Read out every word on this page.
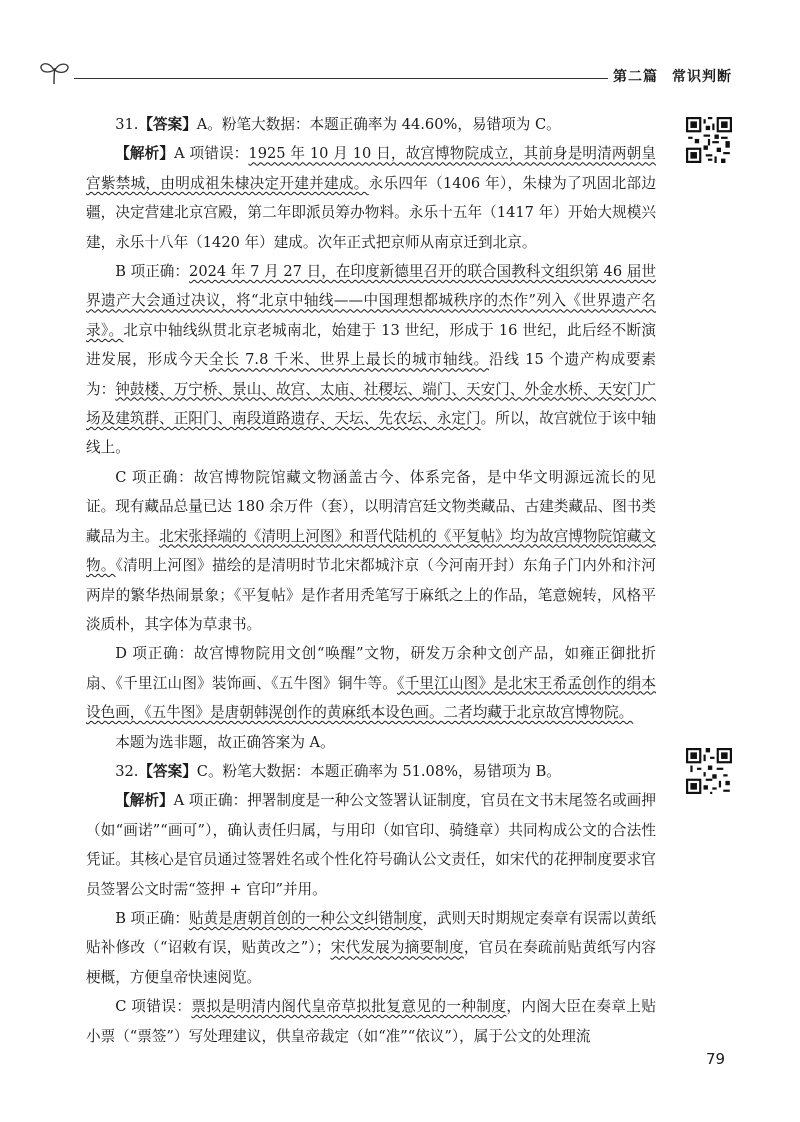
第二篇 常识判断

31.【答案】A。粉笔大数据：本题正确率为 44.60%，易错项为 C。

【解析】A 项错误：1925 年 10 月 10 日，故宫博物院成立，其前身是明清两朝皇宫紫禁城，由明成祖朱棣决定开建并建成。永乐四年（1406 年），朱棣为了巩固北部边疆，决定营建北京宫殿，第二年即派员筹办物料。永乐十五年（1417 年）开始大规模兴建，永乐十八年（1420 年）建成。次年正式把京师从南京迁到北京。

B 项正确：2024 年 7 月 27 日，在印度新德里召开的联合国教科文组织第 46 届世界遗产大会通过决议，将“北京中轴线——中国理想都城秩序的杰作”列入《世界遗产名录》。北京中轴线纵贯北京老城南北，始建于 13 世纪，形成于 16 世纪，此后经不断演进发展，形成今天全长 7.8 千米、世界上最长的城市轴线。沿线 15 个遗产构成要素为：钟鼓楼、万宁桥、景山、故宫、太庙、社稷坛、端门、天安门、外金水桥、天安门广场及建筑群、正阳门、南段道路遗存、天坛、先农坛、永定门。所以，故宫就位于该中轴线上。

C 项正确：故宫博物院馆藏文物涵盖古今、体系完备，是中华文明源远流长的见证。现有藏品总量已达 180 余万件（套），以明清宫廷文物类藏品、古建类藏品、图书类藏品为主。北宋张择端的《清明上河图》和晋代陆机的《平复帖》均为故宫博物院馆藏文物。《清明上河图》描绘的是清明时节北宋都城汴京（今河南开封）东角子门内外和汴河两岸的繁华热闹景象；《平复帖》是作者用秃笔写于麻纸之上的作品，笔意婉转，风格平淡质朴，其字体为草隶书。

D 项正确：故宫博物院用文创“唤醒”文物，研发万余种文创产品，如雍正御批折扇、《千里江山图》装饰画、《五牛图》铜牛等。《千里江山图》是北宋王希孟创作的绢本设色画，《五牛图》是唐朝韩滉创作的黄麻纸本设色画。二者均藏于北京故宫博物院。

本题为选非题，故正确答案为 A。

32.【答案】C。粉笔大数据：本题正确率为 51.08%，易错项为 B。

【解析】A 项正确：押署制度是一种公文签署认证制度，官员在文书末尾签名或画押（如“画诺”“画可”），确认责任归属，与用印（如官印、骑缝章）共同构成公文的合法性凭证。其核心是官员通过签署姓名或个性化符号确认公文责任，如宋代的花押制度要求官员签署公文时需“签押 + 官印”并用。

B 项正确：贴黄是唐朝首创的一种公文纠错制度，武则天时期规定奏章有误需以黄纸贴补修改（“诏敕有误，贴黄改之”）；宋代发展为摘要制度，官员在奏疏前贴黄纸写内容梗概，方便皇帝快速阅览。

C 项错误：票拟是明清内阁代皇帝草拟批复意见的一种制度，内阁大臣在奏章上贴小票（“票签”）写处理建议，供皇帝裁定（如“准”“依议”），属于公文的处理流

79
